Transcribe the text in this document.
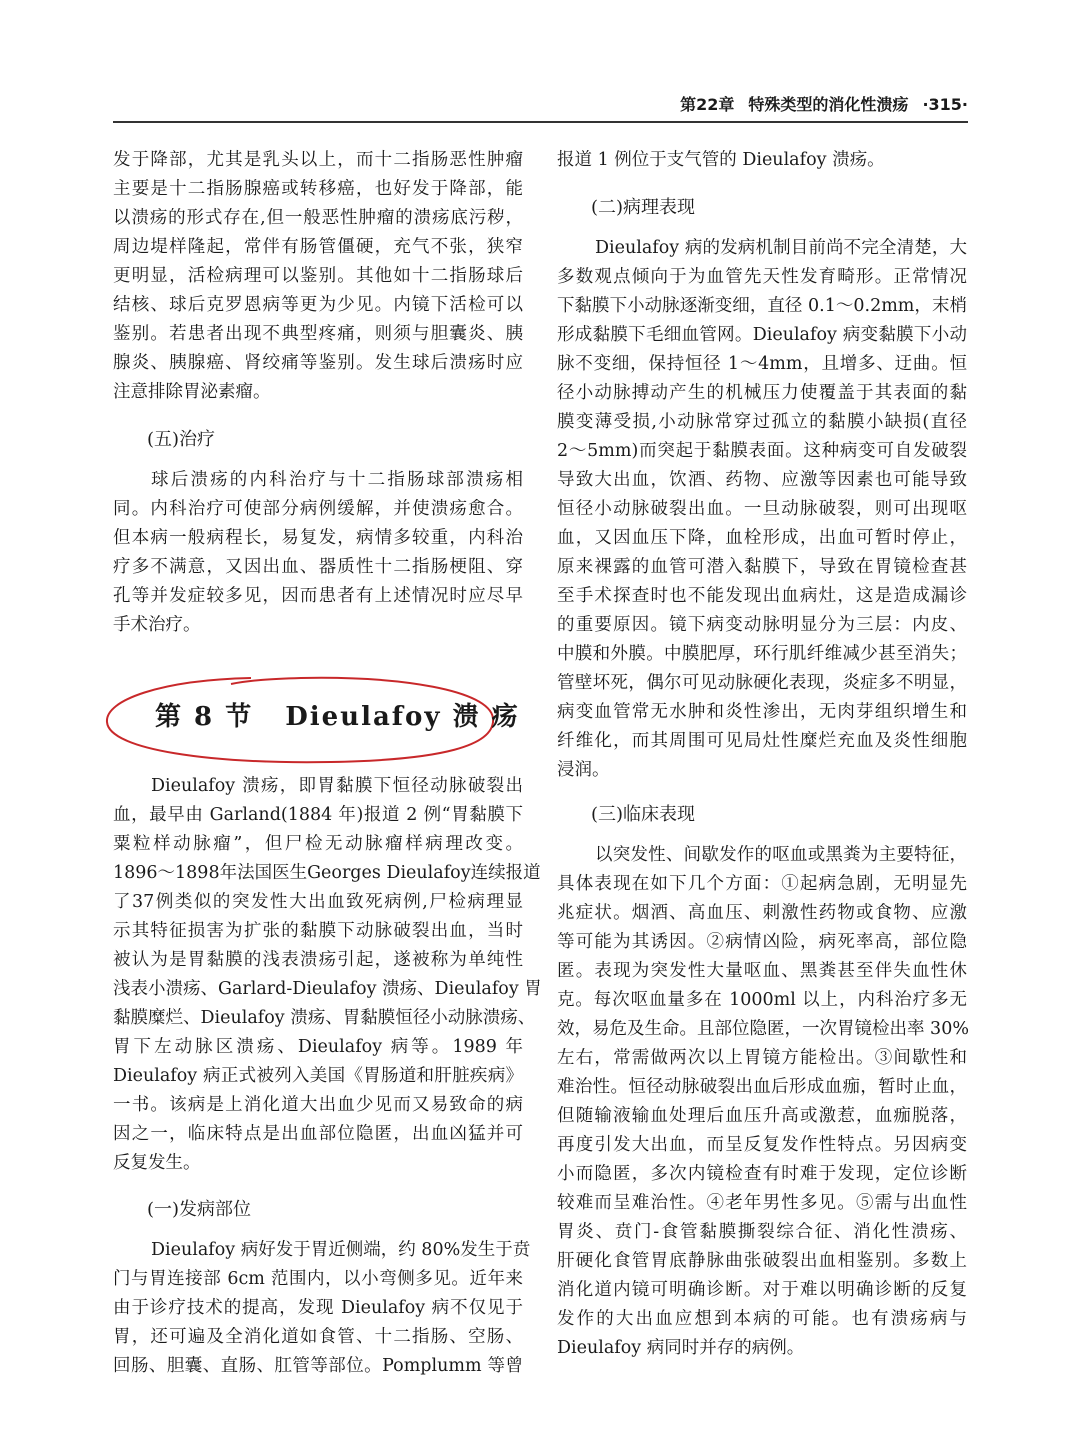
第22章 特殊类型的消化性溃疡 ·315·
发于降部，尤其是乳头以上，而十二指肠恶性肿瘤
主要是十二指肠腺癌或转移癌，也好发于降部，能
以溃疡的形式存在,但一般恶性肿瘤的溃疡底污秽，
周边堤样隆起，常伴有肠管僵硬，充气不张，狭窄
更明显，活检病理可以鉴别。其他如十二指肠球后
结核、球后克罗恩病等更为少见。内镜下活检可以
鉴别。若患者出现不典型疼痛，则须与胆囊炎、胰
腺炎、胰腺癌、肾绞痛等鉴别。发生球后溃疡时应
注意排除胃泌素瘤。
(五)治疗
球后溃疡的内科治疗与十二指肠球部溃疡相
同。内科治疗可使部分病例缓解，并使溃疡愈合。
但本病一般病程长，易复发，病情多较重，内科治
疗多不满意，又因出血、器质性十二指肠梗阻、穿
孔等并发症较多见，因而患者有上述情况时应尽早
手术治疗。
第 8 节 Dieulafoy 溃 疡
Dieulafoy 溃疡，即胃黏膜下恒径动脉破裂出
血，最早由 Garland(1884 年)报道 2 例“胃黏膜下
粟粒样动脉瘤”，但尸检无动脉瘤样病理改变。
1896～1898年法国医生Georges Dieulafoy连续报道
了37例类似的突发性大出血致死病例,尸检病理显
示其特征损害为扩张的黏膜下动脉破裂出血，当时
被认为是胃黏膜的浅表溃疡引起，遂被称为单纯性
浅表小溃疡、Garlard-Dieulafoy 溃疡、Dieulafoy 胃
黏膜糜烂、Dieulafoy 溃疡、胃黏膜恒径小动脉溃疡、
胃下左动脉区溃疡、Dieulafoy 病等。1989 年
Dieulafoy 病正式被列入美国《胃肠道和肝脏疾病》
一书。该病是上消化道大出血少见而又易致命的病
因之一，临床特点是出血部位隐匿，出血凶猛并可
反复发生。
(一)发病部位
Dieulafoy 病好发于胃近侧端，约 80%发生于贲
门与胃连接部 6cm 范围内，以小弯侧多见。近年来
由于诊疗技术的提高，发现 Dieulafoy 病不仅见于
胃，还可遍及全消化道如食管、十二指肠、空肠、
回肠、胆囊、直肠、肛管等部位。Pomplumm 等曾
报道 1 例位于支气管的 Dieulafoy 溃疡。
(二)病理表现
Dieulafoy 病的发病机制目前尚不完全清楚，大
多数观点倾向于为血管先天性发育畸形。正常情况
下黏膜下小动脉逐渐变细，直径 0.1～0.2mm，末梢
形成黏膜下毛细血管网。Dieulafoy 病变黏膜下小动
脉不变细，保持恒径 1～4mm，且增多、迂曲。恒
径小动脉搏动产生的机械压力使覆盖于其表面的黏
膜变薄受损,小动脉常穿过孤立的黏膜小缺损(直径
2～5mm)而突起于黏膜表面。这种病变可自发破裂
导致大出血，饮酒、药物、应激等因素也可能导致
恒径小动脉破裂出血。一旦动脉破裂，则可出现呕
血，又因血压下降，血栓形成，出血可暂时停止，
原来裸露的血管可潜入黏膜下，导致在胃镜检查甚
至手术探查时也不能发现出血病灶，这是造成漏诊
的重要原因。镜下病变动脉明显分为三层：内皮、
中膜和外膜。中膜肥厚，环行肌纤维减少甚至消失；
管壁坏死，偶尔可见动脉硬化表现，炎症多不明显，
病变血管常无水肿和炎性渗出，无肉芽组织增生和
纤维化，而其周围可见局灶性糜烂充血及炎性细胞
浸润。
(三)临床表现
以突发性、间歇发作的呕血或黑粪为主要特征，
具体表现在如下几个方面：①起病急剧，无明显先
兆症状。烟酒、高血压、刺激性药物或食物、应激
等可能为其诱因。②病情凶险，病死率高，部位隐
匿。表现为突发性大量呕血、黑粪甚至伴失血性休
克。每次呕血量多在 1000ml 以上，内科治疗多无
效，易危及生命。且部位隐匿，一次胃镜检出率 30%
左右，常需做两次以上胃镜方能检出。③间歇性和
难治性。恒径动脉破裂出血后形成血痂，暂时止血，
但随输液输血处理后血压升高或激惹，血痂脱落，
再度引发大出血，而呈反复发作性特点。另因病变
小而隐匿，多次内镜检查有时难于发现，定位诊断
较难而呈难治性。④老年男性多见。⑤需与出血性
胃炎、贲门-食管黏膜撕裂综合征、消化性溃疡、
肝硬化食管胃底静脉曲张破裂出血相鉴别。多数上
消化道内镜可明确诊断。对于难以明确诊断的反复
发作的大出血应想到本病的可能。也有溃疡病与
Dieulafoy 病同时并存的病例。
